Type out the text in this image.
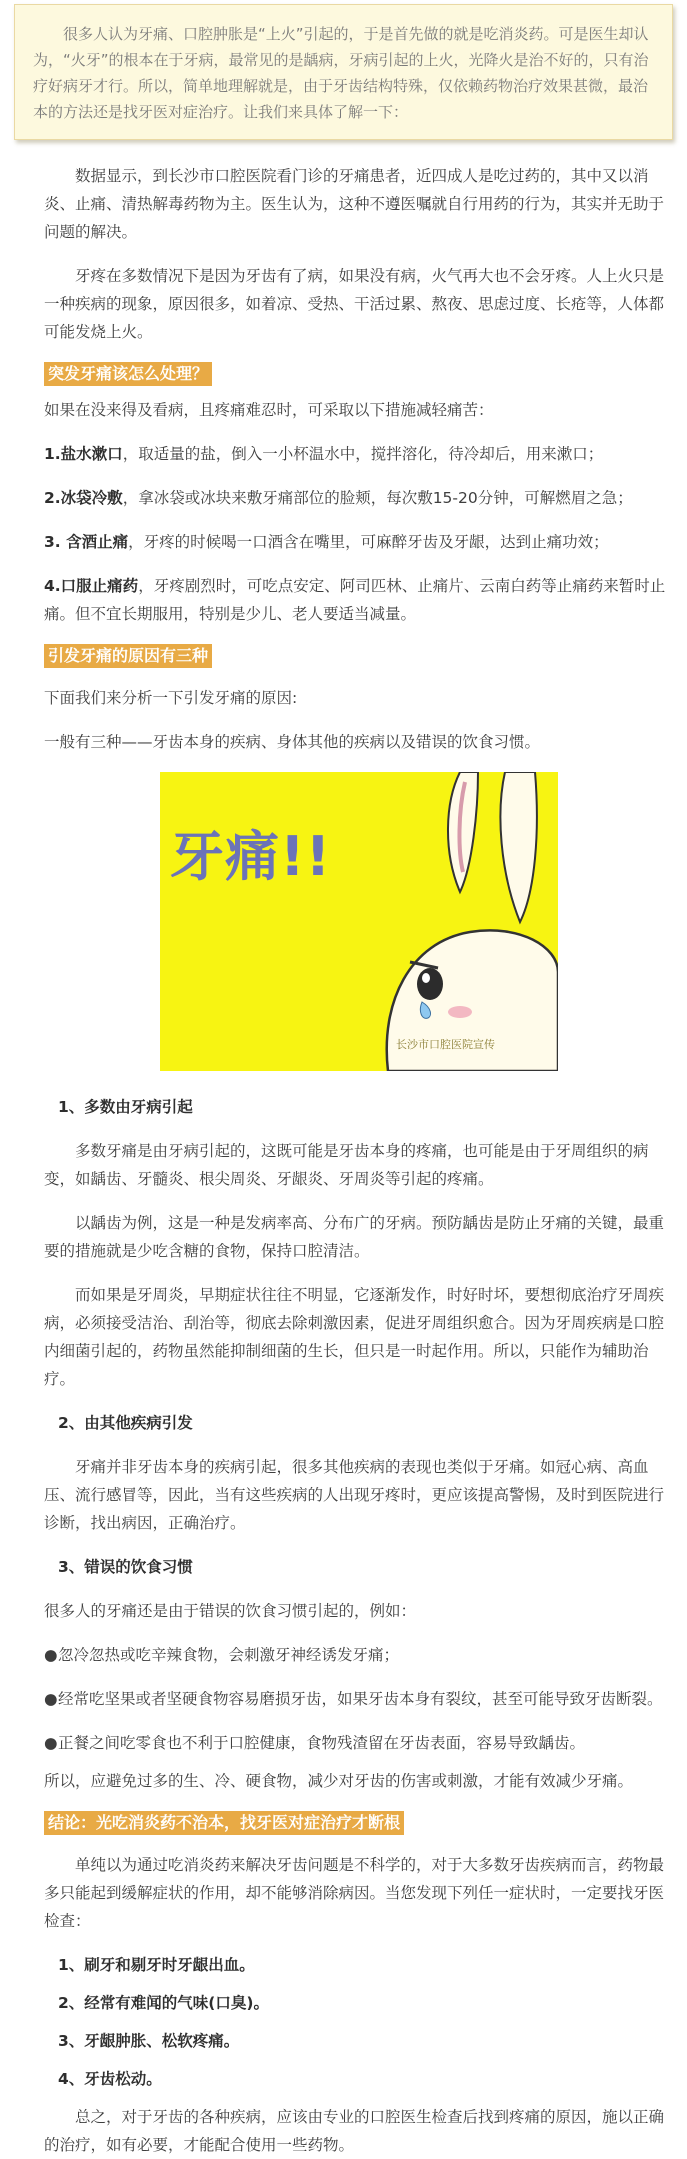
很多人认为牙痛、口腔肿胀是“上火”引起的，于是首先做的就是吃消炎药。可是医生却认为，“火牙”的根本在于牙病，最常见的是龋病，牙病引起的上火，光降火是治不好的，只有治疗好病牙才行。所以，简单地理解就是，由于牙齿结构特殊，仅依赖药物治疗效果甚微，最治本的方法还是找牙医对症治疗。让我们来具体了解一下：

数据显示，到长沙市口腔医院看门诊的牙痛患者，近四成人是吃过药的，其中又以消炎、止痛、清热解毒药物为主。医生认为，这种不遵医嘱就自行用药的行为，其实并无助于问题的解决。

牙疼在多数情况下是因为牙齿有了病，如果没有病，火气再大也不会牙疼。人上火只是一种疾病的现象，原因很多，如着凉、受热、干活过累、熬夜、思虑过度、长疮等，人体都可能发烧上火。

突发牙痛该怎么处理？

如果在没来得及看病，且疼痛难忍时，可采取以下措施减轻痛苦：

1.盐水漱口，取适量的盐，倒入一小杯温水中，搅拌溶化，待冷却后，用来漱口；

2.冰袋冷敷，拿冰袋或冰块来敷牙痛部位的脸颊，每次敷15-20分钟，可解燃眉之急；

3. 含酒止痛，牙疼的时候喝一口酒含在嘴里，可麻醉牙齿及牙龈，达到止痛功效；

4.口服止痛药，牙疼剧烈时，可吃点安定、阿司匹林、止痛片、云南白药等止痛药来暂时止痛。但不宜长期服用，特别是少儿、老人要适当减量。

引发牙痛的原因有三种

下面我们来分析一下引发牙痛的原因:

一般有三种——牙齿本身的疾病、身体其他的疾病以及错误的饮食习惯。

牙痛!!
长沙市口腔医院宣传
1、多数由牙病引起

多数牙痛是由牙病引起的，这既可能是牙齿本身的疼痛，也可能是由于牙周组织的病变，如龋齿、牙髓炎、根尖周炎、牙龈炎、牙周炎等引起的疼痛。

以龋齿为例，这是一种是发病率高、分布广的牙病。预防龋齿是防止牙痛的关键，最重要的措施就是少吃含糖的食物，保持口腔清洁。

而如果是牙周炎，早期症状往往不明显，它逐渐发作，时好时坏，要想彻底治疗牙周疾病，必须接受洁治、刮治等，彻底去除刺激因素，促进牙周组织愈合。因为牙周疾病是口腔内细菌引起的，药物虽然能抑制细菌的生长，但只是一时起作用。所以，只能作为辅助治疗。

2、由其他疾病引发

牙痛并非牙齿本身的疾病引起，很多其他疾病的表现也类似于牙痛。如冠心病、高血压、流行感冒等，因此，当有这些疾病的人出现牙疼时，更应该提高警惕，及时到医院进行诊断，找出病因，正确治疗。

3、错误的饮食习惯

很多人的牙痛还是由于错误的饮食习惯引起的，例如：

●忽冷忽热或吃辛辣食物，会刺激牙神经诱发牙痛；

●经常吃坚果或者坚硬食物容易磨损牙齿，如果牙齿本身有裂纹，甚至可能导致牙齿断裂。

●正餐之间吃零食也不利于口腔健康，食物残渣留在牙齿表面，容易导致龋齿。

所以，应避免过多的生、冷、硬食物，减少对牙齿的伤害或刺激，才能有效减少牙痛。

结论：光吃消炎药不治本，找牙医对症治疗才断根

单纯以为通过吃消炎药来解决牙齿问题是不科学的，对于大多数牙齿疾病而言，药物最多只能起到缓解症状的作用，却不能够消除病因。当您发现下列任一症状时，一定要找牙医检查：

1、刷牙和剔牙时牙龈出血。
2、经常有难闻的气味(口臭)。
3、牙龈肿胀、松软疼痛。
4、牙齿松动。

总之，对于牙齿的各种疾病，应该由专业的口腔医生检查后找到疼痛的原因，施以正确的治疗，如有必要，才能配合使用一些药物。
